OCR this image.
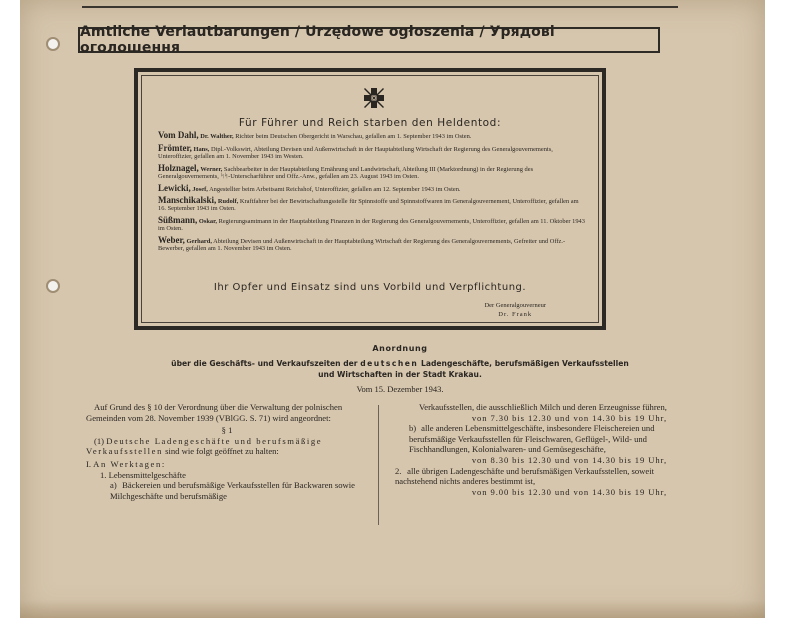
Amtliche Verlautbarungen / Urzędowe ogłoszenia / Урядові оголошення
Für Führer und Reich starben den Heldentod:
Vom Dahl, Dr. Walther, Richter beim Deutschen Obergericht in Warschau, gefallen am 1. September 1943 im Osten.
Frömter, Hans, Dipl.-Volkswirt, Abteilung Devisen und Außenwirtschaft in der Hauptabteilung Wirtschaft der Regierung des Generalgouvernements, Unteroffizier, gefallen am 1. November 1943 im Westen.
Holznagel, Werner, Sachbearbeiter in der Hauptabteilung Ernährung und Landwirtschaft, Abteilung III (Marktordnung) in der Regierung des Generalgouvernements, ᛋᛋ-Unterscharführer und Offz.-Anw., gefallen am 23. August 1943 im Osten.
Lewicki, Josef, Angestellter beim Arbeitsamt Reichshof, Unteroffizier, gefallen am 12. September 1943 im Osten.
Manschikalski, Rudolf, Kraftfahrer bei der Bewirtschaftungsstelle für Spinnstoffe und Spinnstoffwaren im Generalgouvernement, Unteroffizier, gefallen am 16. September 1943 im Osten.
Süßmann, Oskar, Regierungsamtmann in der Hauptabteilung Finanzen in der Regierung des Generalgouvernements, Unteroffizier, gefallen am 11. Oktober 1943 im Osten.
Weber, Gerhard, Abteilung Devisen und Außenwirtschaft in der Hauptabteilung Wirtschaft der Regierung des Generalgouvernements, Gefreiter und Offz.-Bewerber, gefallen am 1. November 1943 im Osten.
Ihr Opfer und Einsatz sind uns Vorbild und Verpflichtung.
Der Generalgouverneur
Dr. Frank
Anordnung
über die Geschäfts- und Verkaufszeiten der deutschen Ladengeschäfte, berufsmäßigen Verkaufsstellen
und Wirtschaften in der Stadt Krakau.
Vom 15. Dezember 1943.

Auf Grund des § 10 der Verordnung über die Verwaltung der polnischen Gemeinden vom 28. November 1939 (VBlGG. S. 71) wird angeordnet:

§ 1

(1) Deutsche Ladengeschäfte und berufsmäßige Verkaufsstellen sind wie folgt geöffnet zu halten:

I. An Werktagen:

1. Lebensmittelgeschäfte

a) Bäckereien und berufsmäßige Verkaufsstellen für Backwaren sowie Milchgeschäfte und berufsmäßige

Verkaufsstellen, die ausschließlich Milch und deren Erzeugnisse führen,

von 7.30 bis 12.30 und von 14.30 bis 19 Uhr,

b) alle anderen Lebensmittelgeschäfte, insbesondere Fleischereien und berufsmäßige Verkaufsstellen für Fleischwaren, Geflügel-, Wild- und Fischhandlungen, Kolonialwaren- und Gemüsegeschäfte,

von 8.30 bis 12.30 und von 14.30 bis 19 Uhr,

2. alle übrigen Ladengeschäfte und berufsmäßigen Verkaufsstellen, soweit nachstehend nichts anderes bestimmt ist,

von 9.00 bis 12.30 und von 14.30 bis 19 Uhr,
